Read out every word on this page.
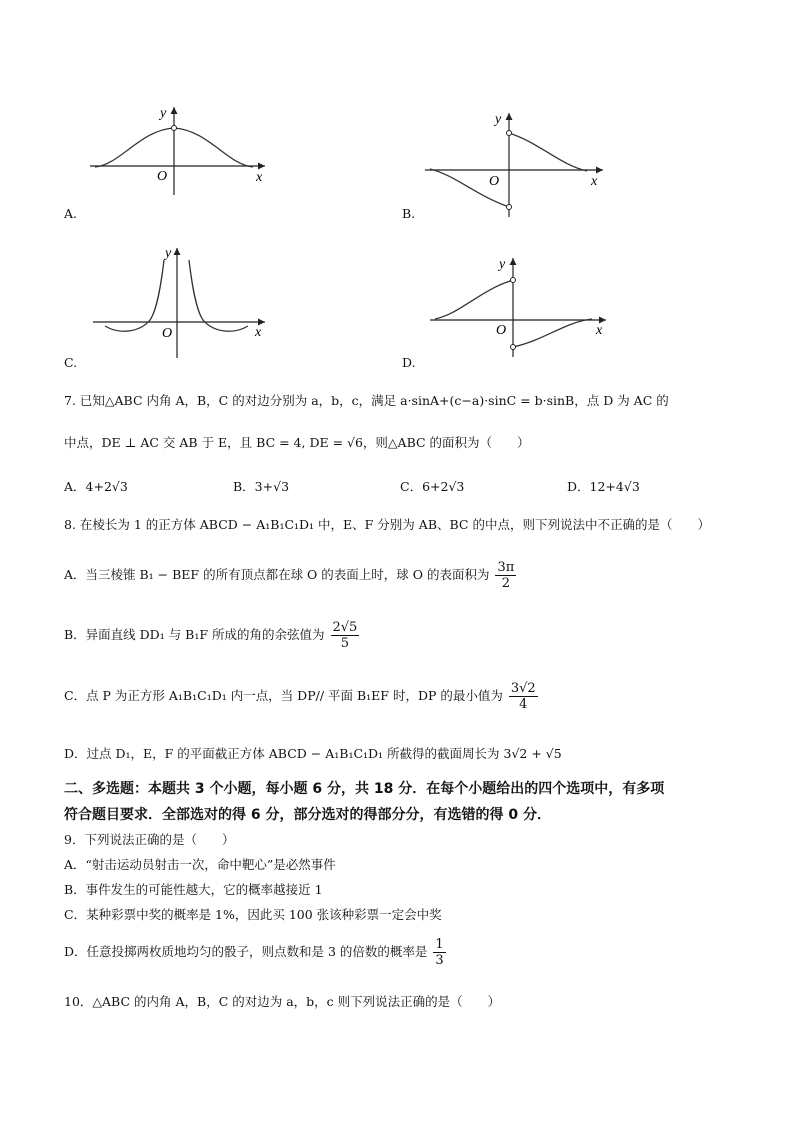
y
O	x
A.
y
O	x
B.
y
O	x
C.
y
O	x
D.
7. 已知△ABC 内角 A，B，C 的对边分别为 a，b，c，满足 a·sinA+(c−a)·sinC = b·sinB，点 D 为 AC 的
中点，DE ⊥ AC 交 AB 于 E，且 BC = 4, DE = √6，则△ABC 的面积为（　　）
A．4+2√3	B．3+√3	C．6+2√3	D．12+4√3
8. 在棱长为 1 的正方体 ABCD − A₁B₁C₁D₁ 中，E、F 分别为 AB、BC 的中点，则下列说法中不正确的是（　　）
A．当三棱锥 B₁ − BEF 的所有顶点都在球 O 的表面上时，球 O 的表面积为 $\frac{3\pi}{2}$
B．异面直线 DD₁ 与 B₁F 所成的角的余弦值为 $\frac{2√5}{5}$
C．点 P 为正方形 A₁B₁C₁D₁ 内一点，当 DP// 平面 B₁EF 时，DP 的最小值为 $\frac{3√2}{4}$
D．过点 D₁，E，F 的平面截正方体 ABCD − A₁B₁C₁D₁ 所截得的截面周长为 3√2 + √5
二、多选题：本题共 3 个小题，每小题 6 分，共 18 分．在每个小题给出的四个选项中，有多项
符合题目要求．全部选对的得 6 分，部分选对的得部分分，有选错的得 0 分．
9．下列说法正确的是（　　）
A．“射击运动员射击一次，命中靶心”是必然事件
B．事件发生的可能性越大，它的概率越接近 1
C．某种彩票中奖的概率是 1%，因此买 100 张该种彩票一定会中奖
D．任意投掷两枚质地均匀的骰子，则点数和是 3 的倍数的概率是 $\frac{1}{3}$
10．△ABC 的内角 A，B，C 的对边为 a，b，c 则下列说法正确的是（　　）
